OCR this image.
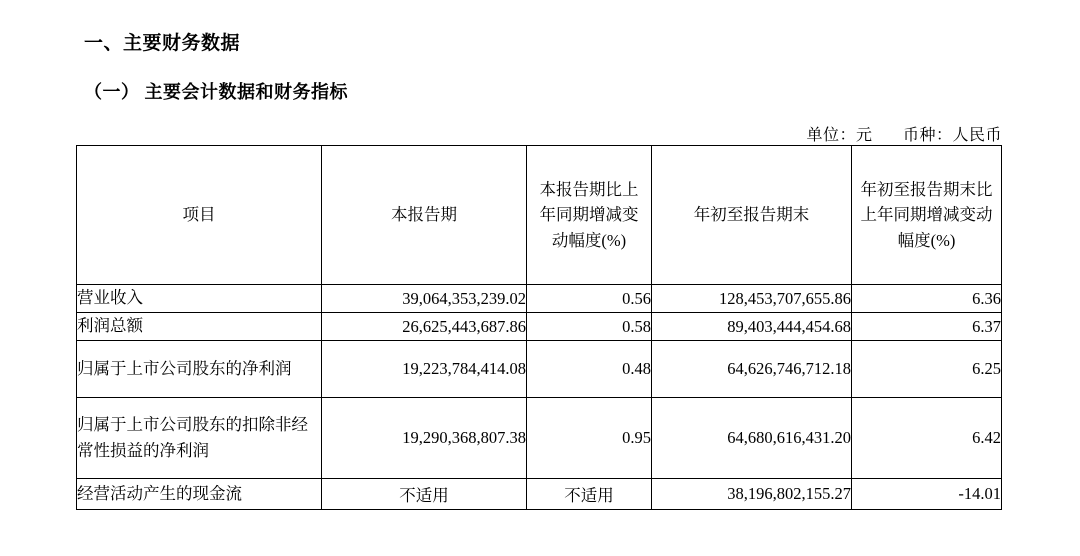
一、主要财务数据
（一） 主要会计数据和财务指标
单位：元 币种：人民币
项目	本报告期	本报告期比上年同期增减变动幅度(%)	年初至报告期末	年初至报告期末比上年同期增减变动幅度(%)
营业收入	39,064,353,239.02	0.56	128,453,707,655.86	6.36
利润总额	26,625,443,687.86	0.58	89,403,444,454.68	6.37
归属于上市公司股东的净利润	19,223,784,414.08	0.48	64,626,746,712.18	6.25
归属于上市公司股东的扣除非经常性损益的净利润	19,290,368,807.38	0.95	64,680,616,431.20	6.42
经营活动产生的现金流	不适用	不适用	38,196,802,155.27	-14.01
